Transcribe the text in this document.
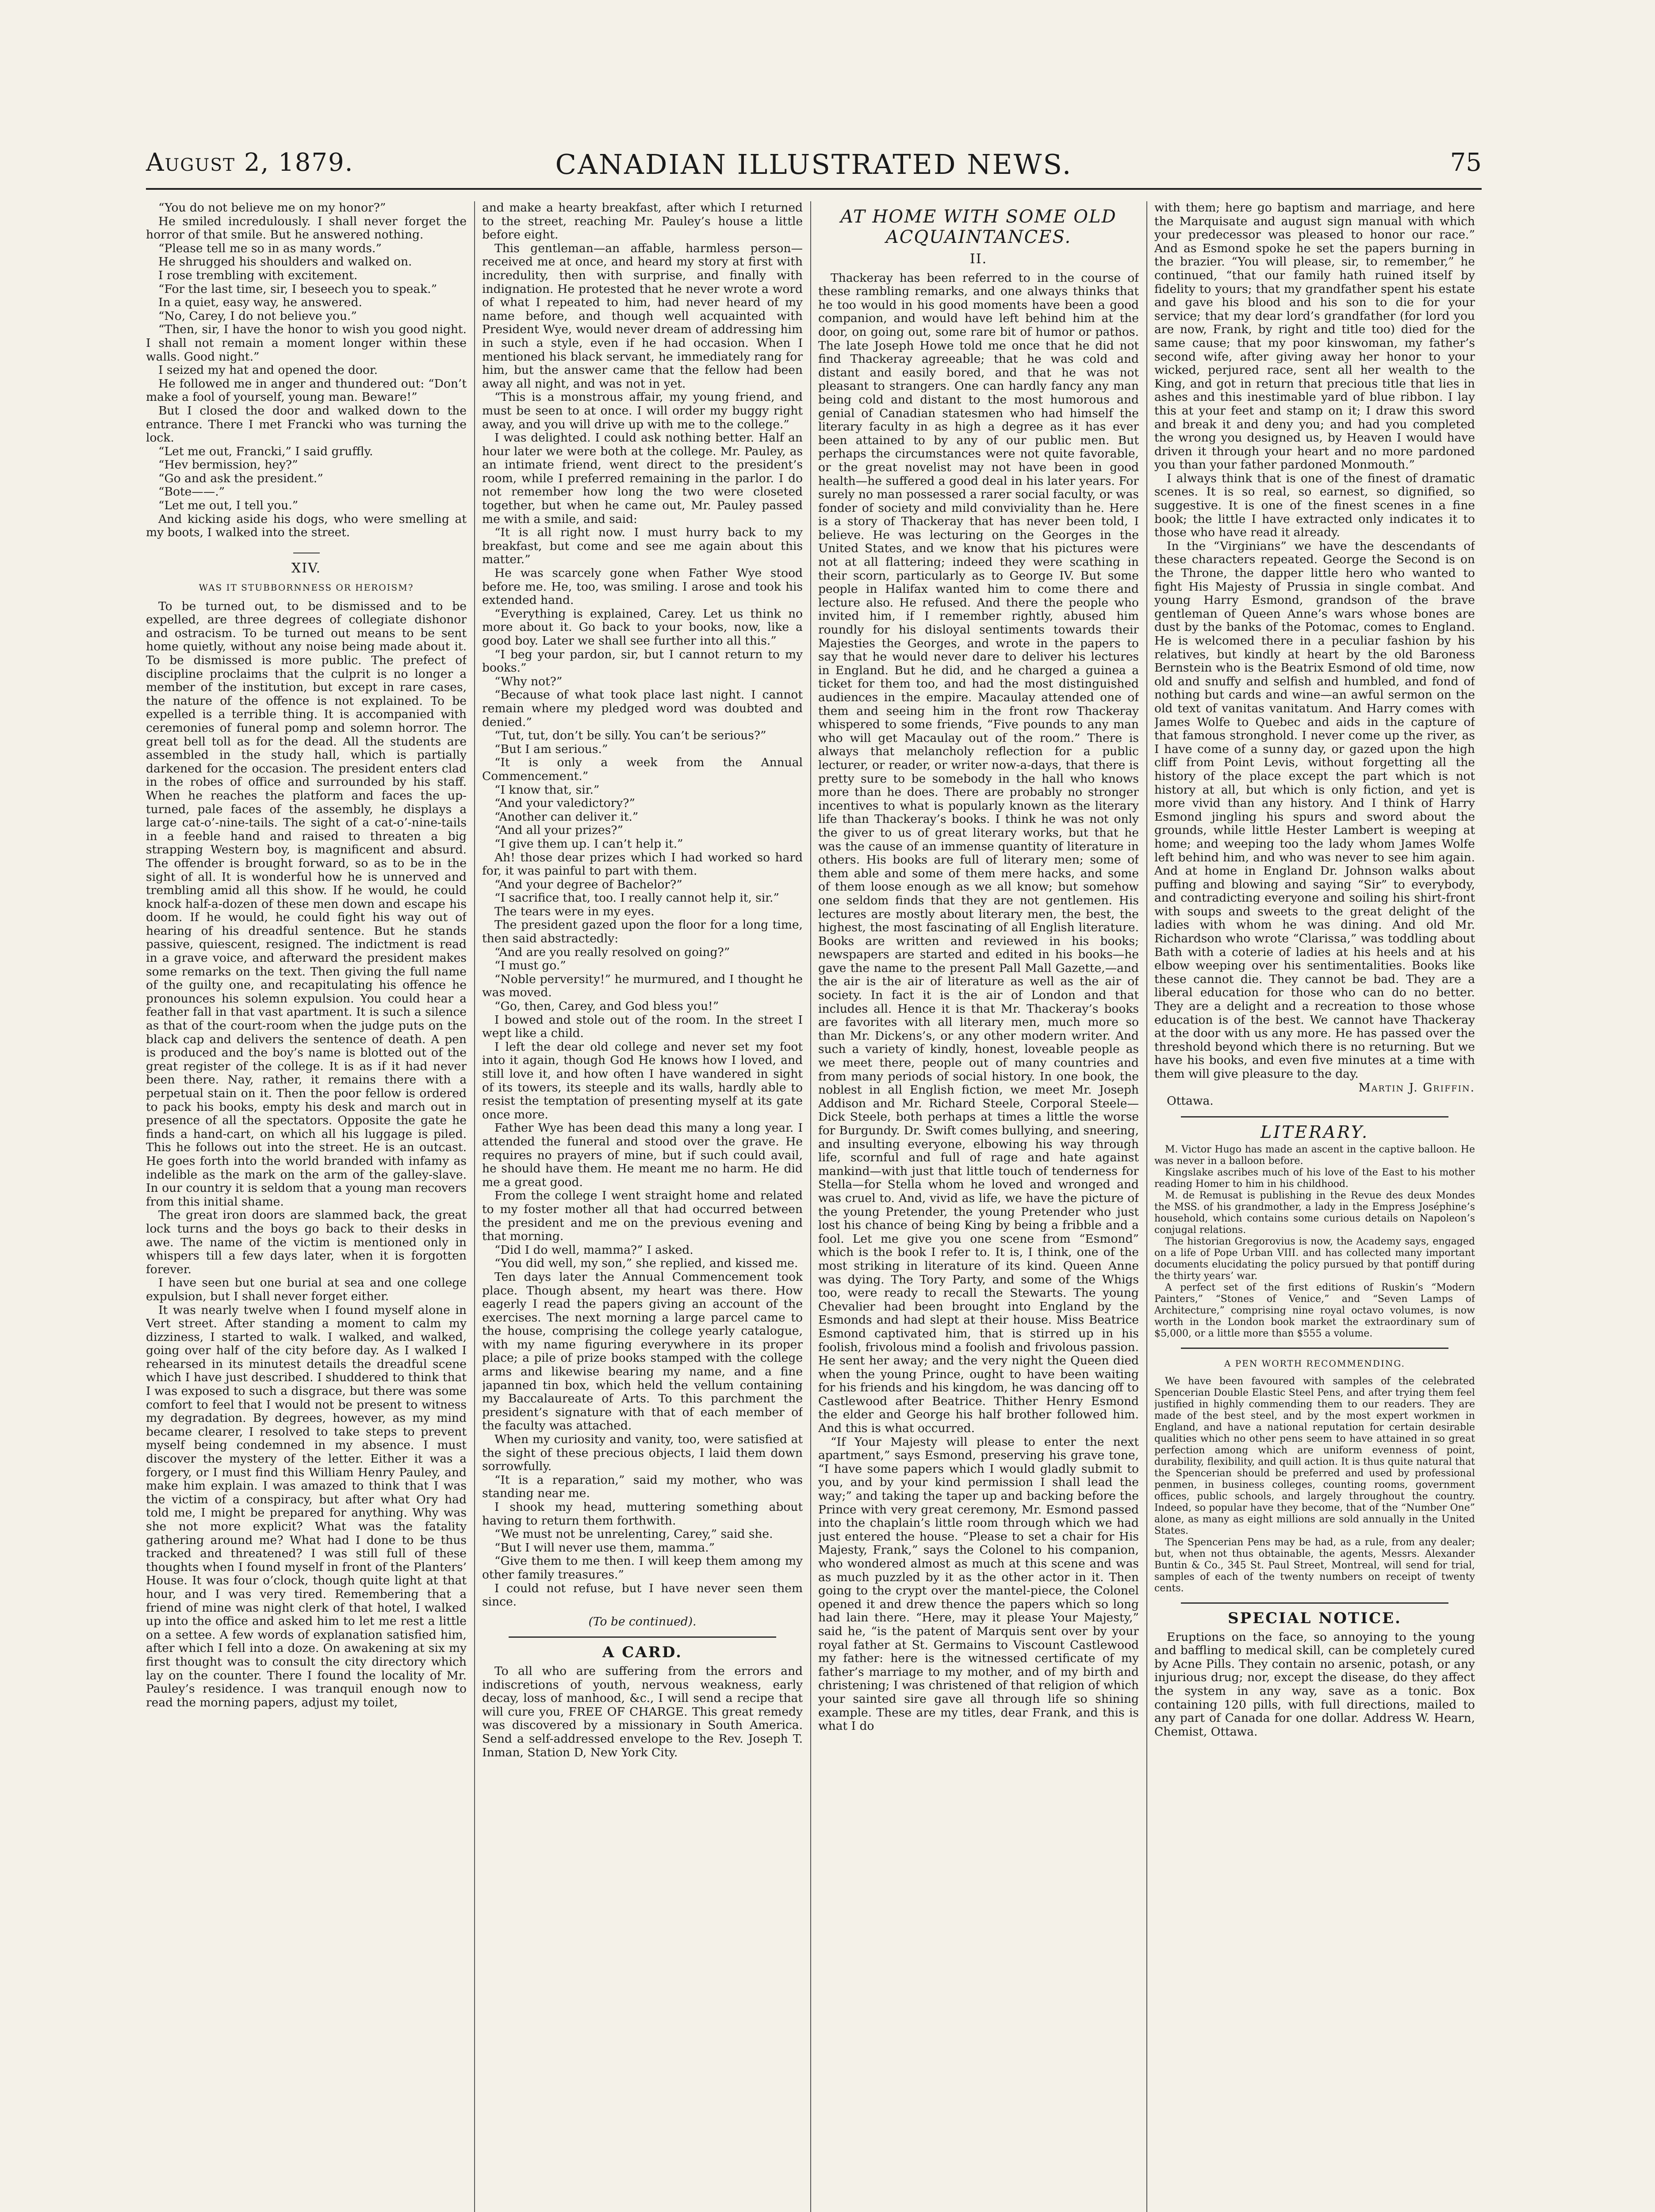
August 2, 1879.	CANADIAN ILLUSTRATED NEWS.	75

“You do not believe me on my honor?”

He smiled incredulously. I shall never forget the horror of that smile. But he answered nothing.

“Please tell me so in as many words.”

He shrugged his shoulders and walked on.

I rose trembling with excitement.

“For the last time, sir, I beseech you to speak.”

In a quiet, easy way, he answered.

“No, Carey, I do not believe you.”

“Then, sir, I have the honor to wish you good night. I shall not remain a moment longer within these walls. Good night.”

I seized my hat and opened the door.

He followed me in anger and thundered out: “Don’t make a fool of yourself, young man. Beware!”

But I closed the door and walked down to the entrance. There I met Francki who was turning the lock.

“Let me out, Francki,” I said gruffly.

“Hev bermission, hey?”

“Go and ask the president.”

“Bote——.”

“Let me out, I tell you.”

And kicking aside his dogs, who were smelling at my boots, I walked into the street.

XIV.

WAS IT STUBBORNNESS OR HEROISM?

To be turned out, to be dismissed and to be expelled, are three degrees of collegiate dishonor and ostracism. To be turned out means to be sent home quietly, without any noise being made about it. To be dismissed is more public. The prefect of discipline proclaims that the culprit is no longer a member of the institution, but except in rare cases, the nature of the offence is not explained. To be expelled is a terrible thing. It is accompanied with ceremonies of funeral pomp and solemn horror. The great bell toll as for the dead. All the students are assembled in the study hall, which is partially darkened for the occasion. The president enters clad in the robes of office and surrounded by his staff. When he reaches the platform and faces the up-turned, pale faces of the assembly, he displays a large cat-o’-nine-tails. The sight of a cat-o’-nine-tails in a feeble hand and raised to threaten a big strapping Western boy, is magnificent and absurd. The offender is brought forward, so as to be in the sight of all. It is wonderful how he is unnerved and trembling amid all this show. If he would, he could knock half-a-dozen of these men down and escape his doom. If he would, he could fight his way out of hearing of his dreadful sentence. But he stands passive, quiescent, resigned. The indictment is read in a grave voice, and afterward the president makes some remarks on the text. Then giving the full name of the guilty one, and recapitulating his offence he pronounces his solemn expulsion. You could hear a feather fall in that vast apartment. It is such a silence as that of the court-room when the judge puts on the black cap and delivers the sentence of death. A pen is produced and the boy’s name is blotted out of the great register of the college. It is as if it had never been there. Nay, rather, it remains there with a perpetual stain on it. Then the poor fellow is ordered to pack his books, empty his desk and march out in presence of all the spectators. Opposite the gate he finds a hand-cart, on which all his luggage is piled. This he follows out into the street. He is an outcast. He goes forth into the world branded with infamy as indelible as the mark on the arm of the galley-slave. In our country it is seldom that a young man recovers from this initial shame.

The great iron doors are slammed back, the great lock turns and the boys go back to their desks in awe. The name of the victim is mentioned only in whispers till a few days later, when it is forgotten forever.

I have seen but one burial at sea and one college expulsion, but I shall never forget either.

It was nearly twelve when I found myself alone in Vert street. After standing a moment to calm my dizziness, I started to walk. I walked, and walked, going over half of the city before day. As I walked I rehearsed in its minutest details the dreadful scene which I have just described. I shuddered to think that I was exposed to such a disgrace, but there was some comfort to feel that I would not be present to witness my degradation. By degrees, however, as my mind became clearer, I resolved to take steps to prevent myself being condemned in my absence. I must discover the mystery of the letter. Either it was a forgery, or I must find this William Henry Pauley, and make him explain. I was amazed to think that I was the victim of a conspiracy, but after what Ory had told me, I might be prepared for anything. Why was she not more explicit? What was the fatality gathering around me? What had I done to be thus tracked and threatened? I was still full of these thoughts when I found myself in front of the Planters’ House. It was four o’clock, though quite light at that hour, and I was very tired. Remembering that a friend of mine was night clerk of that hotel, I walked up into the office and asked him to let me rest a little on a settee. A few words of explanation satisfied him, after which I fell into a doze. On awakening at six my first thought was to consult the city directory which lay on the counter. There I found the locality of Mr. Pauley’s residence. I was tranquil enough now to read the morning papers, adjust my toilet,

and make a hearty breakfast, after which I returned to the street, reaching Mr. Pauley’s house a little before eight.

This gentleman—an affable, harmless person—received me at once, and heard my story at first with incredulity, then with surprise, and finally with indignation. He protested that he never wrote a word of what I repeated to him, had never heard of my name before, and though well acquainted with President Wye, would never dream of addressing him in such a style, even if he had occasion. When I mentioned his black servant, he immediately rang for him, but the answer came that the fellow had been away all night, and was not in yet.

“This is a monstrous affair, my young friend, and must be seen to at once. I will order my buggy right away, and you will drive up with me to the college.”

I was delighted. I could ask nothing better. Half an hour later we were both at the college. Mr. Pauley, as an intimate friend, went direct to the president’s room, while I preferred remaining in the parlor. I do not remember how long the two were closeted together, but when he came out, Mr. Pauley passed me with a smile, and said:

“It is all right now. I must hurry back to my breakfast, but come and see me again about this matter.”

He was scarcely gone when Father Wye stood before me. He, too, was smiling. I arose and took his extended hand.

“Everything is explained, Carey. Let us think no more about it. Go back to your books, now, like a good boy. Later we shall see further into all this.”

“I beg your pardon, sir, but I cannot return to my books.”

“Why not?”

“Because of what took place last night. I cannot remain where my pledged word was doubted and denied.”

“Tut, tut, don’t be silly. You can’t be serious?”

“But I am serious.”

“It is only a week from the Annual Commencement.”

“I know that, sir.”

“And your valedictory?”

“Another can deliver it.”

“And all your prizes?”

“I give them up. I can’t help it.”

Ah! those dear prizes which I had worked so hard for, it was painful to part with them.

“And your degree of Bachelor?”

“I sacrifice that, too. I really cannot help it, sir.”

The tears were in my eyes.

The president gazed upon the floor for a long time, then said abstractedly:

“And are you really resolved on going?”

“I must go.”

“Noble perversity!” he murmured, and I thought he was moved.

“Go, then, Carey, and God bless you!”

I bowed and stole out of the room. In the street I wept like a child.

I left the dear old college and never set my foot into it again, though God He knows how I loved, and still love it, and how often I have wandered in sight of its towers, its steeple and its walls, hardly able to resist the temptation of presenting myself at its gate once more.

Father Wye has been dead this many a long year. I attended the funeral and stood over the grave. He requires no prayers of mine, but if such could avail, he should have them. He meant me no harm. He did me a great good.

From the college I went straight home and related to my foster mother all that had occurred between the president and me on the previous evening and that morning.

“Did I do well, mamma?” I asked.

“You did well, my son,” she replied, and kissed me.

Ten days later the Annual Commencement took place. Though absent, my heart was there. How eagerly I read the papers giving an account of the exercises. The next morning a large parcel came to the house, comprising the college yearly catalogue, with my name figuring everywhere in its proper place; a pile of prize books stamped with the college arms and likewise bearing my name, and a fine japanned tin box, which held the vellum containing my Baccalaureate of Arts. To this parchment the president’s signature with that of each member of the faculty was attached.

When my curiosity and vanity, too, were satisfied at the sight of these precious objects, I laid them down sorrowfully.

“It is a reparation,” said my mother, who was standing near me.

I shook my head, muttering something about having to return them forthwith.

“We must not be unrelenting, Carey,” said she.

“But I will never use them, mamma.”

“Give them to me then. I will keep them among my other family treasures.”

I could not refuse, but I have never seen them since.

(To be continued).

A CARD.

To all who are suffering from the errors and indiscretions of youth, nervous weakness, early decay, loss of manhood, &c., I will send a recipe that will cure you, FREE OF CHARGE. This great remedy was discovered by a missionary in South America. Send a self-addressed envelope to the Rev. Joseph T. Inman, Station D, New York City.

AT HOME WITH SOME OLD ACQUAINTANCES.

II.

Thackeray has been referred to in the course of these rambling remarks, and one always thinks that he too would in his good moments have been a good companion, and would have left behind him at the door, on going out, some rare bit of humor or pathos. The late Joseph Howe told me once that he did not find Thackeray agreeable; that he was cold and distant and easily bored, and that he was not pleasant to strangers. One can hardly fancy any man being cold and distant to the most humorous and genial of Canadian statesmen who had himself the literary faculty in as high a degree as it has ever been attained to by any of our public men. But perhaps the circumstances were not quite favorable, or the great novelist may not have been in good health—he suffered a good deal in his later years. For surely no man possessed a rarer social faculty, or was fonder of society and mild conviviality than he. Here is a story of Thackeray that has never been told, I believe. He was lecturing on the Georges in the United States, and we know that his pictures were not at all flattering; indeed they were scathing in their scorn, particularly as to George IV. But some people in Halifax wanted him to come there and lecture also. He refused. And there the people who invited him, if I remember rightly, abused him roundly for his disloyal sentiments towards their Majesties the Georges, and wrote in the papers to say that he would never dare to deliver his lectures in England. But he did, and he charged a guinea a ticket for them too, and had the most distinguished audiences in the empire. Macaulay attended one of them and seeing him in the front row Thackeray whispered to some friends, “Five pounds to any man who will get Macaulay out of the room.” There is always that melancholy reflection for a public lecturer, or reader, or writer now-a-days, that there is pretty sure to be somebody in the hall who knows more than he does. There are probably no stronger incentives to what is popularly known as the literary life than Thackeray’s books. I think he was not only the giver to us of great literary works, but that he was the cause of an immense quantity of literature in others. His books are full of literary men; some of them able and some of them mere hacks, and some of them loose enough as we all know; but somehow one seldom finds that they are not gentlemen. His lectures are mostly about literary men, the best, the highest, the most fascinating of all English literature. Books are written and reviewed in his books; newspapers are started and edited in his books—he gave the name to the present Pall Mall Gazette,—and the air is the air of literature as well as the air of society. In fact it is the air of London and that includes all. Hence it is that Mr. Thackeray’s books are favorites with all literary men, much more so than Mr. Dickens’s, or any other modern writer. And such a variety of kindly, honest, loveable people as we meet there, people out of many countries and from many periods of social history. In one book, the noblest in all English fiction, we meet Mr. Joseph Addison and Mr. Richard Steele, Corporal Steele—Dick Steele, both perhaps at times a little the worse for Burgundy. Dr. Swift comes bullying, and sneering, and insulting everyone, elbowing his way through life, scornful and full of rage and hate against mankind—with just that little touch of tenderness for Stella—for Stella whom he loved and wronged and was cruel to. And, vivid as life, we have the picture of the young Pretender, the young Pretender who just lost his chance of being King by being a fribble and a fool. Let me give you one scene from “Esmond” which is the book I refer to. It is, I think, one of the most striking in literature of its kind. Queen Anne was dying. The Tory Party, and some of the Whigs too, were ready to recall the Stewarts. The young Chevalier had been brought into England by the Esmonds and had slept at their house. Miss Beatrice Esmond captivated him, that is stirred up in his foolish, frivolous mind a foolish and frivolous passion. He sent her away; and the very night the Queen died when the young Prince, ought to have been waiting for his friends and his kingdom, he was dancing off to Castlewood after Beatrice. Thither Henry Esmond the elder and George his half brother followed him. And this is what occurred.

“If Your Majesty will please to enter the next apartment,” says Esmond, preserving his grave tone, “I have some papers which I would gladly submit to you, and by your kind permission I shall lead the way;” and taking the taper up and backing before the Prince with very great ceremony, Mr. Esmond passed into the chaplain’s little room through which we had just entered the house. “Please to set a chair for His Majesty, Frank,” says the Colonel to his companion, who wondered almost as much at this scene and was as much puzzled by it as the other actor in it. Then going to the crypt over the mantel-piece, the Colonel opened it and drew thence the papers which so long had lain there. “Here, may it please Your Majesty,” said he, “is the patent of Marquis sent over by your royal father at St. Germains to Viscount Castlewood my father: here is the witnessed certificate of my father’s marriage to my mother, and of my birth and christening; I was christened of that religion of which your sainted sire gave all through life so shining example. These are my titles, dear Frank, and this is what I do

with them; here go baptism and marriage, and here the Marquisate and august sign manual with which your predecessor was pleased to honor our race.” And as Esmond spoke he set the papers burning in the brazier. “You will please, sir, to remember,” he continued, “that our family hath ruined itself by fidelity to yours; that my grandfather spent his estate and gave his blood and his son to die for your service; that my dear lord’s grandfather (for lord you are now, Frank, by right and title too) died for the same cause; that my poor kinswoman, my father’s second wife, after giving away her honor to your wicked, perjured race, sent all her wealth to the King, and got in return that precious title that lies in ashes and this inestimable yard of blue ribbon. I lay this at your feet and stamp on it; I draw this sword and break it and deny you; and had you completed the wrong you designed us, by Heaven I would have driven it through your heart and no more pardoned you than your father pardoned Monmouth.”

I always think that is one of the finest of dramatic scenes. It is so real, so earnest, so dignified, so suggestive. It is one of the finest scenes in a fine book; the little I have extracted only indicates it to those who have read it already.

In the “Virginians” we have the descendants of these characters repeated. George the Second is on the Throne, the dapper little hero who wanted to fight His Majesty of Prussia in single combat. And young Harry Esmond, grandson of the brave gentleman of Queen Anne’s wars whose bones are dust by the banks of the Potomac, comes to England. He is welcomed there in a peculiar fashion by his relatives, but kindly at heart by the old Baroness Bernstein who is the Beatrix Esmond of old time, now old and snuffy and selfish and humbled, and fond of nothing but cards and wine—an awful sermon on the old text of vanitas vanitatum. And Harry comes with James Wolfe to Quebec and aids in the capture of that famous stronghold. I never come up the river, as I have come of a sunny day, or gazed upon the high cliff from Point Levis, without forgetting all the history of the place except the part which is not history at all, but which is only fiction, and yet is more vivid than any history. And I think of Harry Esmond jingling his spurs and sword about the grounds, while little Hester Lambert is weeping at home; and weeping too the lady whom James Wolfe left behind him, and who was never to see him again. And at home in England Dr. Johnson walks about puffing and blowing and saying “Sir” to everybody, and contradicting everyone and soiling his shirt-front with soups and sweets to the great delight of the ladies with whom he was dining. And old Mr. Richardson who wrote “Clarissa,” was toddling about Bath with a coterie of ladies at his heels and at his elbow weeping over his sentimentalities. Books like these cannot die. They cannot be bad. They are a liberal education for those who can do no better. They are a delight and a recreation to those whose education is of the best. We cannot have Thackeray at the door with us any more. He has passed over the threshold beyond which there is no returning. But we have his books, and even five minutes at a time with them will give pleasure to the day.

Martin J. Griffin.

Ottawa.

LITERARY.

M. Victor Hugo has made an ascent in the captive balloon. He was never in a balloon before.

Kingslake ascribes much of his love of the East to his mother reading Homer to him in his childhood.

M. de Remusat is publishing in the Revue des deux Mondes the MSS. of his grandmother, a lady in the Empress Joséphine’s household, which contains some curious details on Napoleon’s conjugal relations.

The historian Gregorovius is now, the Academy says, engaged on a life of Pope Urban VIII. and has collected many important documents elucidating the policy pursued by that pontiff during the thirty years’ war.

A perfect set of the first editions of Ruskin’s “Modern Painters,” “Stones of Venice,” and “Seven Lamps of Architecture,” comprising nine royal octavo volumes, is now worth in the London book market the extraordinary sum of $5,000, or a little more than $555 a volume.

A PEN WORTH RECOMMENDING.

We have been favoured with samples of the celebrated Spencerian Double Elastic Steel Pens, and after trying them feel justified in highly commending them to our readers. They are made of the best steel, and by the most expert workmen in England, and have a national reputation for certain desirable qualities which no other pens seem to have attained in so great perfection among which are uniform evenness of point, durability, flexibility, and quill action. It is thus quite natural that the Spencerian should be preferred and used by professional penmen, in business colleges, counting rooms, government offices, public schools, and largely throughout the country. Indeed, so popular have they become, that of the “Number One” alone, as many as eight millions are sold annually in the United States.

The Spencerian Pens may be had, as a rule, from any dealer; but, when not thus obtainable, the agents, Messrs. Alexander Buntin & Co., 345 St. Paul Street, Montreal, will send for trial, samples of each of the twenty numbers on receipt of twenty cents.

SPECIAL NOTICE.

Eruptions on the face, so annoying to the young and baffling to medical skill, can be completely cured by Acne Pills. They contain no arsenic, potash, or any injurious drug; nor, except the disease, do they affect the system in any way, save as a tonic. Box containing 120 pills, with full directions, mailed to any part of Canada for one dollar. Address W. Hearn, Chemist, Ottawa.
